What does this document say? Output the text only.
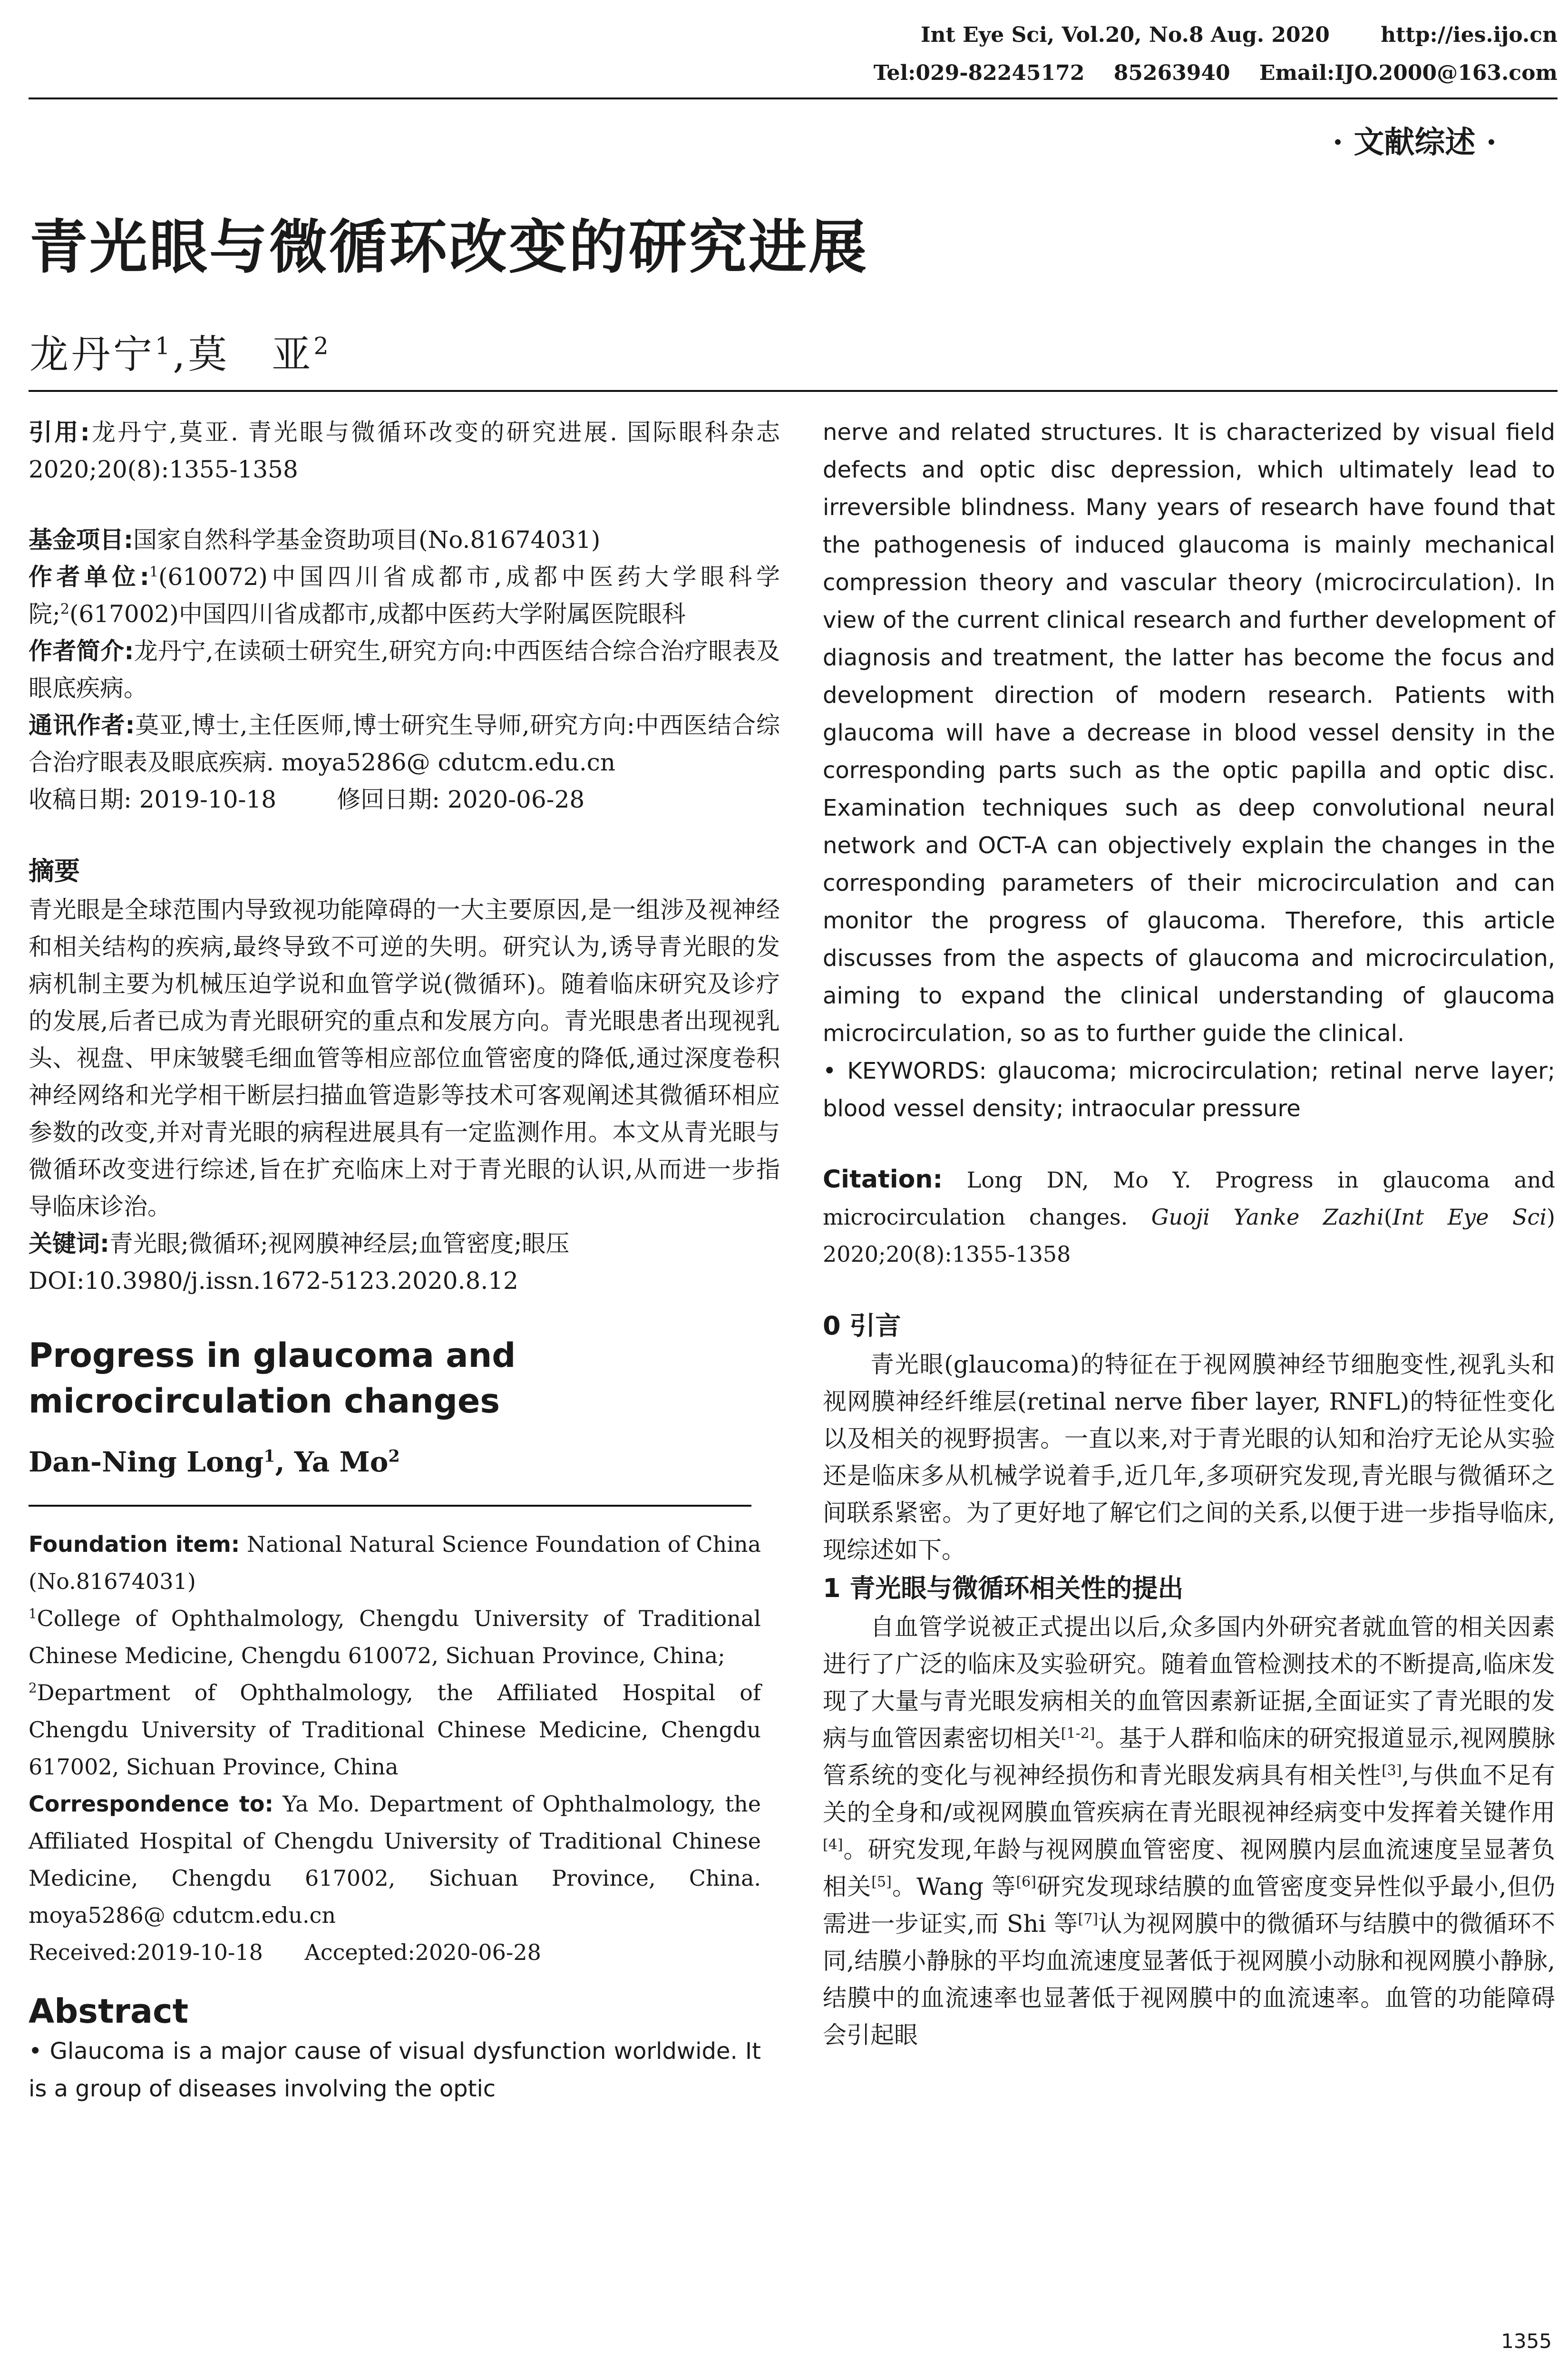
Int Eye Sci, Vol.20, No.8 Aug. 2020       http://ies.ijo.cn
Tel:029-82245172    85263940    Email:IJO.2000@163.com
· 文献综述 ·
青光眼与微循环改变的研究进展
龙丹宁$^1$,莫　亚$^2$

引用:龙丹宁,莫亚. 青光眼与微循环改变的研究进展. 国际眼科杂志 2020;20(8):1355-1358

基金项目:国家自然科学基金资助项目(No.81674031)

作者单位:$^1$(610072)中国四川省成都市,成都中医药大学眼科学院;$^2$(617002)中国四川省成都市,成都中医药大学附属医院眼科

作者简介:龙丹宁,在读硕士研究生,研究方向:中西医结合综合治疗眼表及眼底疾病。

通讯作者:莫亚,博士,主任医师,博士研究生导师,研究方向:中西医结合综合治疗眼表及眼底疾病. moya5286@ cdutcm.edu.cn

收稿日期: 2019-10-18        修回日期: 2020-06-28

摘要

青光眼是全球范围内导致视功能障碍的一大主要原因,是一组涉及视神经和相关结构的疾病,最终导致不可逆的失明。研究认为,诱导青光眼的发病机制主要为机械压迫学说和血管学说(微循环)。随着临床研究及诊疗的发展,后者已成为青光眼研究的重点和发展方向。青光眼患者出现视乳头、视盘、甲床皱襞毛细血管等相应部位血管密度的降低,通过深度卷积神经网络和光学相干断层扫描血管造影等技术可客观阐述其微循环相应参数的改变,并对青光眼的病程进展具有一定监测作用。本文从青光眼与微循环改变进行综述,旨在扩充临床上对于青光眼的认识,从而进一步指导临床诊治。

关键词:青光眼;微循环;视网膜神经层;血管密度;眼压

DOI:10.3980/j.issn.1672-5123.2020.8.12

Progress in glaucoma and microcirculation changes

Dan-Ning Long$^1$, Ya Mo$^2$

Foundation item: National Natural Science Foundation of China (No.81674031)

$^1$College of Ophthalmology, Chengdu University of Traditional Chinese Medicine, Chengdu 610072, Sichuan Province, China;

$^2$Department of Ophthalmology, the Affiliated Hospital of Chengdu University of Traditional Chinese Medicine, Chengdu 617002, Sichuan Province, China

Correspondence to: Ya Mo. Department of Ophthalmology, the Affiliated Hospital of Chengdu University of Traditional Chinese Medicine, Chengdu 617002, Sichuan Province, China. moya5286@ cdutcm.edu.cn

Received:2019-10-18      Accepted:2020-06-28

Abstract

• Glaucoma is a major cause of visual dysfunction worldwide. It is a group of diseases involving the optic

nerve and related structures. It is characterized by visual field defects and optic disc depression, which ultimately lead to irreversible blindness. Many years of research have found that the pathogenesis of induced glaucoma is mainly mechanical compression theory and vascular theory (microcirculation). In view of the current clinical research and further development of diagnosis and treatment, the latter has become the focus and development direction of modern research. Patients with glaucoma will have a decrease in blood vessel density in the corresponding parts such as the optic papilla and optic disc. Examination techniques such as deep convolutional neural network and OCT-A can objectively explain the changes in the corresponding parameters of their microcirculation and can monitor the progress of glaucoma. Therefore, this article discusses from the aspects of glaucoma and microcirculation, aiming to expand the clinical understanding of glaucoma microcirculation, so as to further guide the clinical.

• KEYWORDS: glaucoma; microcirculation; retinal nerve layer; blood vessel density; intraocular pressure

Citation: Long DN, Mo Y. Progress in glaucoma and microcirculation changes. Guoji Yanke Zazhi(Int Eye Sci) 2020;20(8):1355-1358

0 引言

青光眼(glaucoma)的特征在于视网膜神经节细胞变性,视乳头和视网膜神经纤维层(retinal nerve fiber layer, RNFL)的特征性变化以及相关的视野损害。一直以来,对于青光眼的认知和治疗无论从实验还是临床多从机械学说着手,近几年,多项研究发现,青光眼与微循环之间联系紧密。为了更好地了解它们之间的关系,以便于进一步指导临床,现综述如下。

1 青光眼与微循环相关性的提出

自血管学说被正式提出以后,众多国内外研究者就血管的相关因素进行了广泛的临床及实验研究。随着血管检测技术的不断提高,临床发现了大量与青光眼发病相关的血管因素新证据,全面证实了青光眼的发病与血管因素密切相关[1-2]。基于人群和临床的研究报道显示,视网膜脉管系统的变化与视神经损伤和青光眼发病具有相关性[3],与供血不足有关的全身和/或视网膜血管疾病在青光眼视神经病变中发挥着关键作用[4]。研究发现,年龄与视网膜血管密度、视网膜内层血流速度呈显著负相关[5]。Wang 等[6]研究发现球结膜的血管密度变异性似乎最小,但仍需进一步证实,而 Shi 等[7]认为视网膜中的微循环与结膜中的微循环不同,结膜小静脉的平均血流速度显著低于视网膜小动脉和视网膜小静脉,结膜中的血流速率也显著低于视网膜中的血流速率。血管的功能障碍会引起眼

1355
